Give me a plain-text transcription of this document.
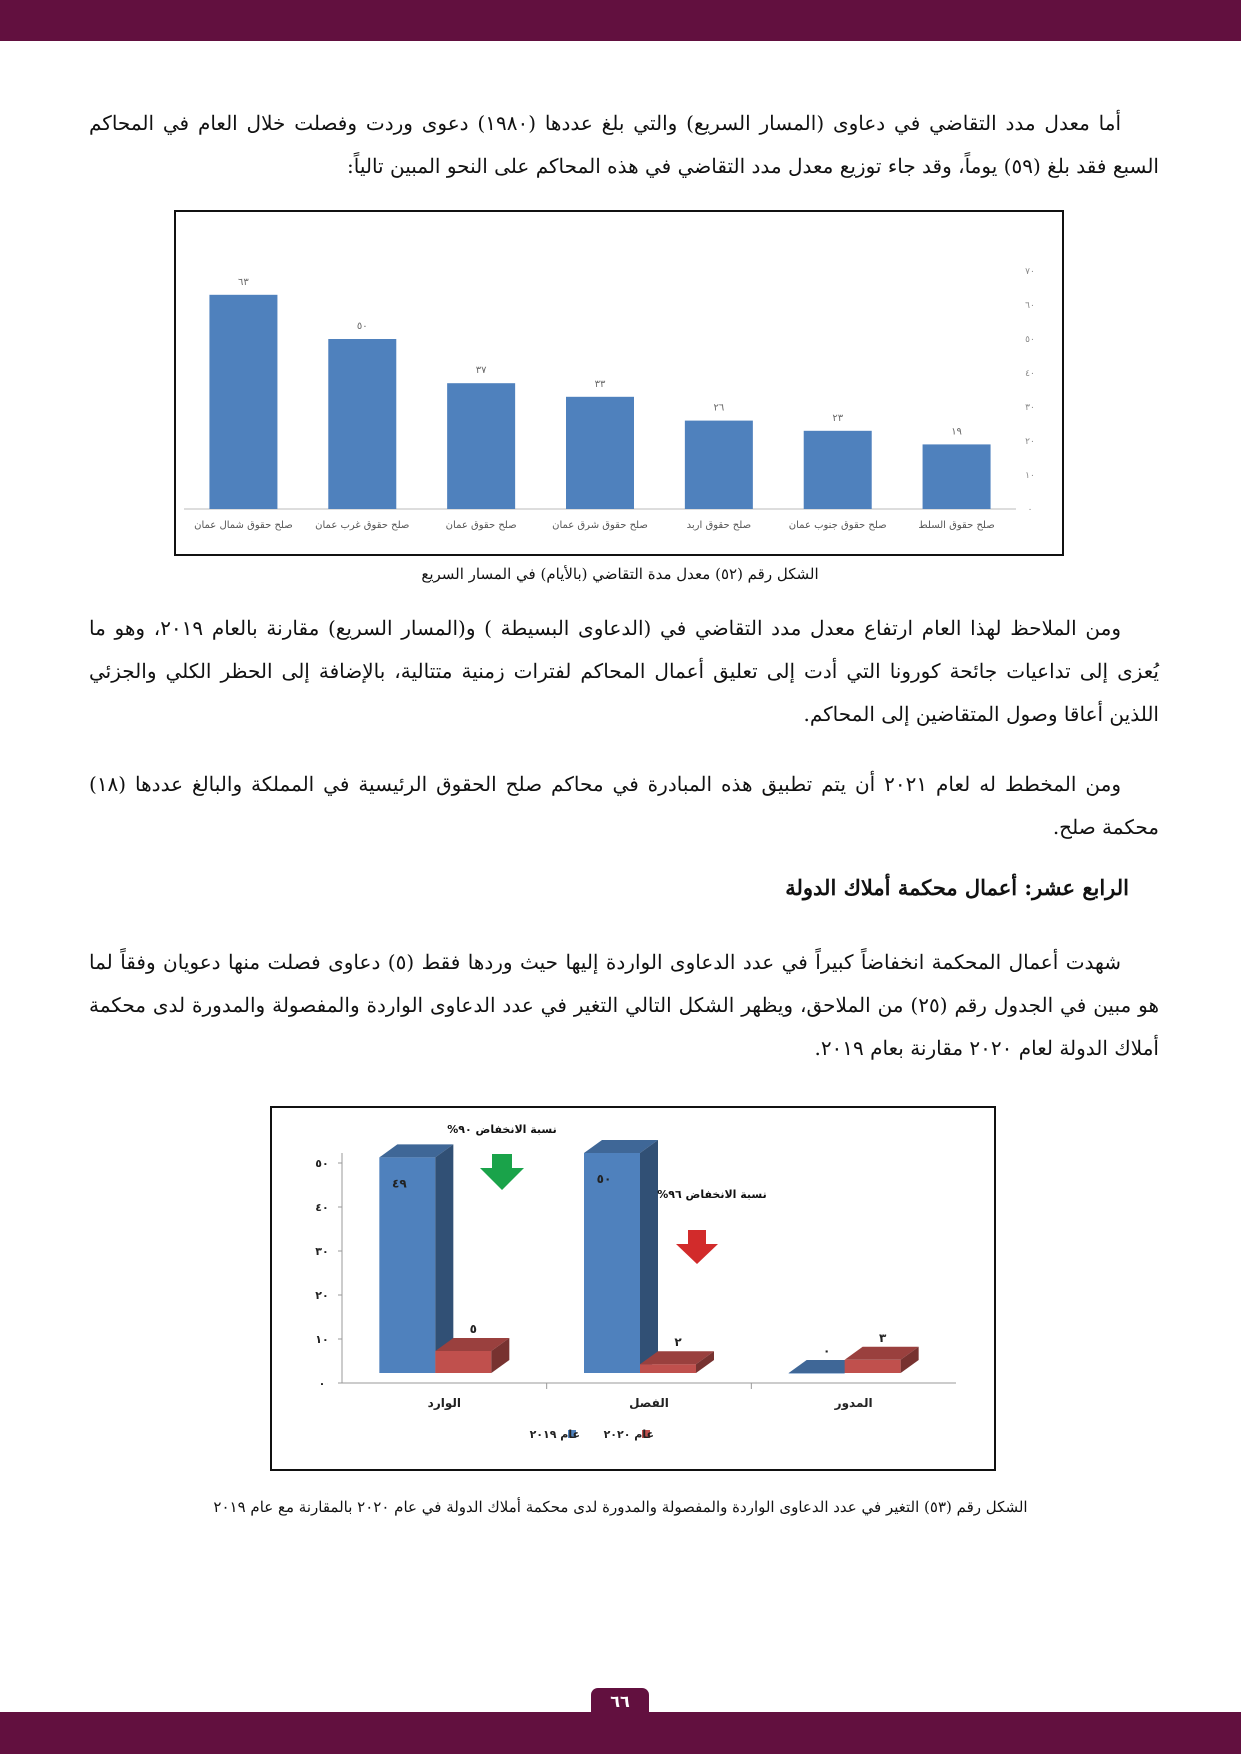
أما معدل مدد التقاضي في دعاوى (المسار السريع) والتي بلغ عددها (١٩٨٠) دعوى وردت وفصلت خلال العام في المحاكم السبع فقد بلغ (٥٩) يوماً، وقد جاء توزيع معدل مدد التقاضي في هذه المحاكم على النحو المبين تالياً:

٠
١٠
٢٠
٣٠
٤٠
٥٠
٦٠
٧٠
٦٣
صلح حقوق شمال عمان
٥٠
صلح حقوق غرب عمان
٣٧
صلح حقوق عمان
٣٣
صلح حقوق شرق عمان
٢٦
صلح حقوق اربد
٢٣
صلح حقوق جنوب عمان
١٩
صلح حقوق السلط
الشكل رقم (٥٢) معدل مدة التقاضي (بالأيام) في المسار السريع

ومن الملاحظ لهذا العام ارتفاع معدل مدد التقاضي في (الدعاوى البسيطة ) و(المسار السريع) مقارنة بالعام ٢٠١٩، وهو ما يُعزى إلى تداعيات جائحة كورونا التي أدت إلى تعليق أعمال المحاكم لفترات زمنية متتالية، بالإضافة إلى الحظر الكلي والجزئي اللذين أعاقا وصول المتقاضين إلى المحاكم.

ومن المخطط له لعام ٢٠٢١ أن يتم تطبيق هذه المبادرة في محاكم صلح الحقوق الرئيسية في المملكة والبالغ عددها (١٨) محكمة صلح.

الرابع عشر: أعمال محكمة أملاك الدولة

شهدت أعمال المحكمة انخفاضاً كبيراً في عدد الدعاوى الواردة إليها حيث وردها فقط (٥) دعاوى فصلت منها دعويان وفقاً لما هو مبين في الجدول رقم (٢٥) من الملاحق، ويظهر الشكل التالي التغير في عدد الدعاوى الواردة والمفصولة والمدورة لدى محكمة أملاك الدولة لعام ٢٠٢٠ مقارنة بعام ٢٠١٩.

٠
١٠
٢٠
٣٠
٤٠
٥٠
الوارد
٤٩
٥
الفصل
٥٠
٢
المدور
٠
٣
نسبة الانخفاض ٩٠%
نسبة الانخفاض ٩٦%
عام ٢٠١٩ عام ٢٠٢٠
الشكل رقم (٥٣) التغير في عدد الدعاوى الواردة والمفصولة والمدورة لدى محكمة أملاك الدولة في عام ٢٠٢٠ بالمقارنة مع عام ٢٠١٩
٦٦
